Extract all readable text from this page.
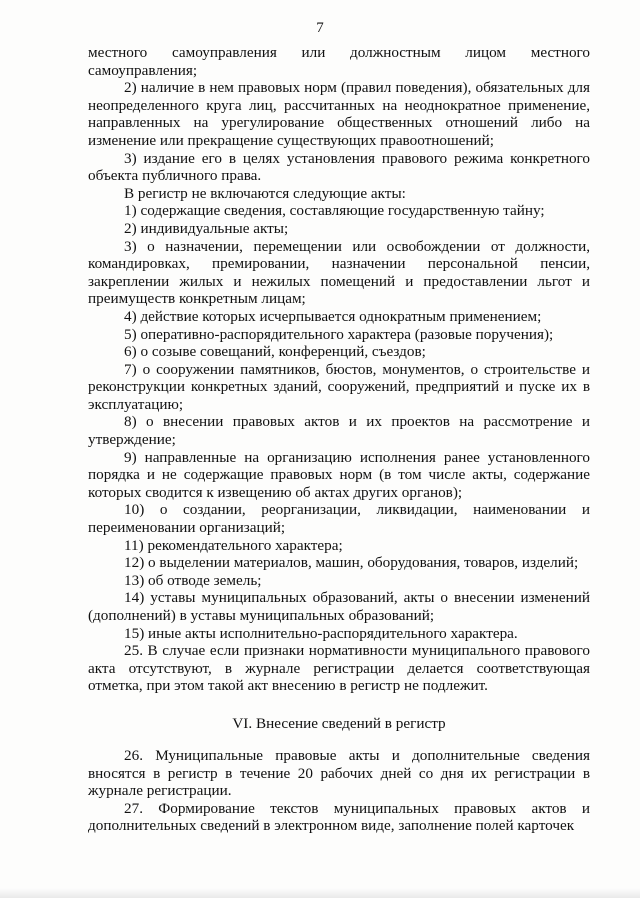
7

местного самоуправления или должностным лицом местного самоуправления;

2) наличие в нем правовых норм (правил поведения), обязательных для неопределенного круга лиц, рассчитанных на неоднократное применение, направленных на урегулирование общественных отношений либо на изменение или прекращение существующих правоотношений;

3) издание его в целях установления правового режима конкретного объекта публичного права.

В регистр не включаются следующие акты:

1) содержащие сведения, составляющие государственную тайну;

2) индивидуальные акты;

3) о назначении, перемещении или освобождении от должности, командировках, премировании, назначении персональной пенсии, закреплении жилых и нежилых помещений и предоставлении льгот и преимуществ конкретным лицам;

4) действие которых исчерпывается однократным применением;

5) оперативно-распорядительного характера (разовые поручения);

6) о созыве совещаний, конференций, съездов;

7) о сооружении памятников, бюстов, монументов, о строительстве и реконструкции конкретных зданий, сооружений, предприятий и пуске их в эксплуатацию;

8) о внесении правовых актов и их проектов на рассмотрение и утверждение;

9) направленные на организацию исполнения ранее установленного порядка и не содержащие правовых норм (в том числе акты, содержание которых сводится к извещению об актах других органов);

10) о создании, реорганизации, ликвидации, наименовании и переименовании организаций;

11) рекомендательного характера;

12) о выделении материалов, машин, оборудования, товаров, изделий;

13) об отводе земель;

14) уставы муниципальных образований, акты о внесении изменений (дополнений) в уставы муниципальных образований;

15) иные акты исполнительно-распорядительного характера.

25. В случае если признаки нормативности муниципального правового акта отсутствуют, в журнале регистрации делается соответствующая отметка, при этом такой акт внесению в регистр не подлежит.

VI. Внесение сведений в регистр

26. Муниципальные правовые акты и дополнительные сведения вносятся в регистр в течение 20 рабочих дней со дня их регистрации в журнале регистрации.

27. Формирование текстов муниципальных правовых актов и дополнительных сведений в электронном виде, заполнение полей карточек
